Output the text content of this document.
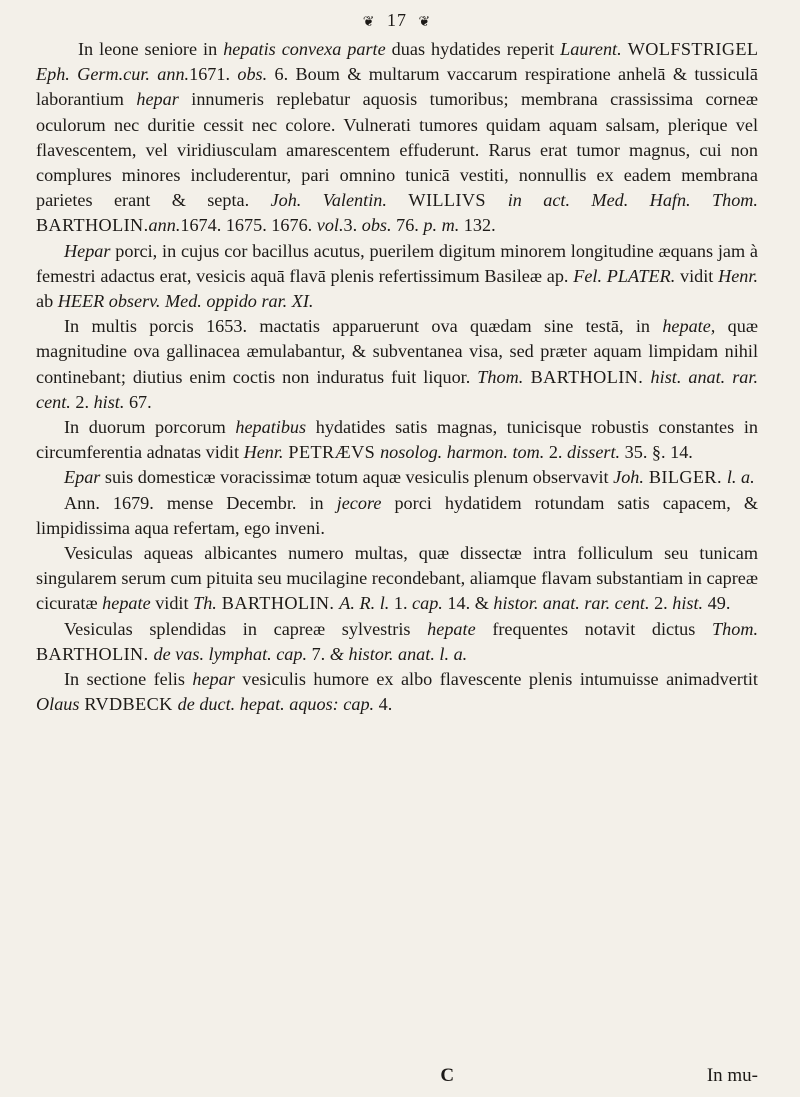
❦ 17 ❦

In leone seniore in hepatis convexa parte duas hydatides reperit Laurent. WOLFSTRIGEL Eph. Germ.cur. ann.1671. obs. 6. Boum & multarum vaccarum respiratione anhelā & tussiculā laborantium hepar innumeris replebatur aquosis tumoribus; membrana crassissima corneæ oculorum nec duritie cessit nec colore. Vulnerati tumores quidam aquam salsam, plerique vel flavescentem, vel viridiusculam amarescentem effuderunt. Rarus erat tumor magnus, cui non complures minores includerentur, pari omnino tunicā vestiti, nonnullis ex eadem membrana parietes erant & septa. Joh. Valentin. WILLIVS in act. Med. Hafn. Thom. BARTHOLIN.ann.1674. 1675. 1676. vol.3. obs. 76. p. m. 132.

Hepar porci, in cujus cor bacillus acutus, puerilem digitum minorem longitudine æquans jam à femestri adactus erat, vesicis aquā flavā plenis refertissimum Basileæ ap. Fel. PLATER. vidit Henr. ab HEER observ. Med. oppido rar. XI.

In multis porcis 1653. mactatis apparuerunt ova quædam sine testā, in hepate, quæ magnitudine ova gallinacea æmulabantur, & subventanea visa, sed præter aquam limpidam nihil continebant; diutius enim coctis non induratus fuit liquor. Thom. BARTHOLIN. hist. anat. rar. cent. 2. hist. 67.

In duorum porcorum hepatibus hydatides satis magnas, tunicisque robustis constantes in circumferentia adnatas vidit Henr. PETRÆVS nosolog. harmon. tom. 2. dissert. 35. §. 14.

Epar suis domesticæ voracissimæ totum aquæ vesiculis plenum observavit Joh. BILGER. l. a.

Ann. 1679. mense Decembr. in jecore porci hydatidem rotundam satis capacem, & limpidissima aqua refertam, ego inveni.

Vesiculas aqueas albicantes numero multas, quæ dissectæ intra folliculum seu tunicam singularem serum cum pituita seu mucilagine recondebant, aliamque flavam substantiam in capreæ cicuratæ hepate vidit Th. BARTHOLIN. A. R. l. 1. cap. 14. & histor. anat. rar. cent. 2. hist. 49.

Vesiculas splendidas in capreæ sylvestris hepate frequentes notavit dictus Thom. BARTHOLIN. de vas. lymphat. cap. 7. & histor. anat. l. a.

In sectione felis hepar vesiculis humore ex albo flavescente plenis intumuisse animadvertit Olaus RVDBECK de duct. hepat. aquos: cap. 4.

C	In mu-
